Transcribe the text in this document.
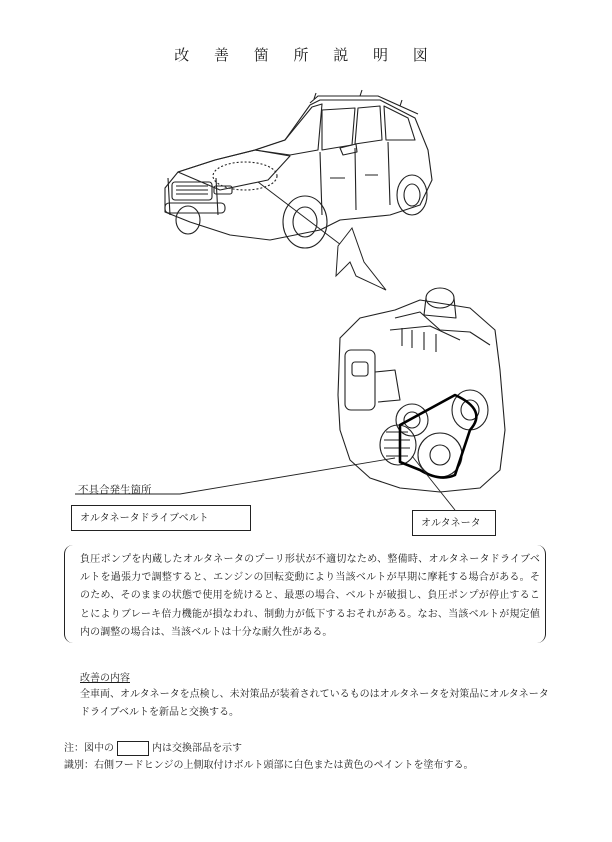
改 善 箇 所 説 明 図
不具合発生箇所
オルタネータドライブベルト	オルタネータ
負圧ポンプを内蔵したオルタネータのプーリ形状が不適切なため、整備時、オルタネータドライブベルトを過張力で調整すると、エンジンの回転変動により当該ベルトが早期に摩耗する場合がある。そのため、そのままの状態で使用を続けると、最悪の場合、ベルトが破損し、負圧ポンプが停止することによりブレーキ倍力機能が損なわれ、制動力が低下するおそれがある。なお、当該ベルトが規定値内の調整の場合は、当該ベルトは十分な耐久性がある。
改善の内容
全車両、オルタネータを点検し、未対策品が装着されているものはオルタネータを対策品にオルタネータドライブベルトを新品と交換する。
注：図中の	内は交換部品を示す
識別：右側フードヒンジの上側取付けボルト頭部に白色または黄色のペイントを塗布する。
